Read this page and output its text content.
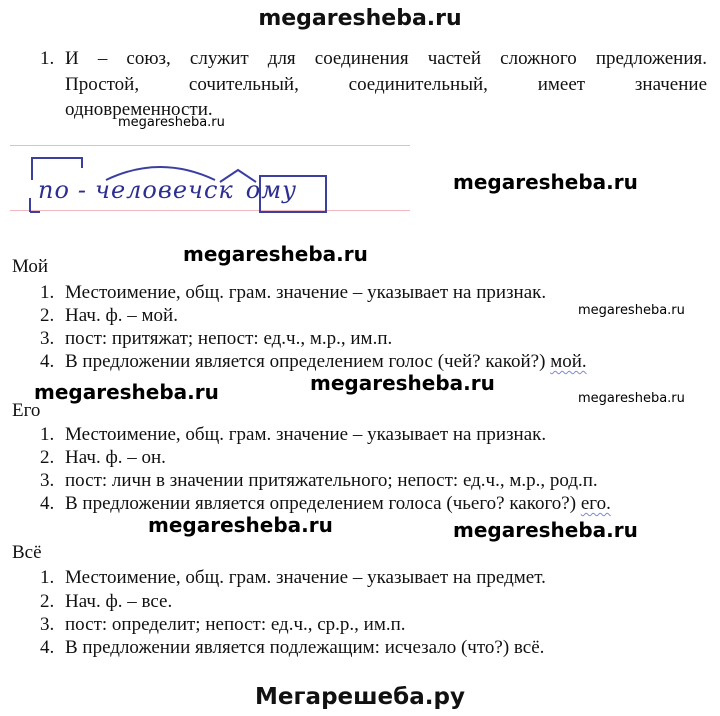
megaresheba.ru
1. И – союз, служит для соединения частей сложного предложения.
Простой, сочительный, соединительный, имеет значение
одновременности.
megaresheba.ru
по - человечск ому	megaresheba.ru
megaresheba.ru
Мой
1. Местоимение, общ. грам. значение – указывает на признак.
2. Нач. ф. – мой.	megaresheba.ru
3. пост: притяжат; непост: ед.ч., м.р., им.п.
4. В предложении является определением голос (чей? какой?) мой.
megaresheba.ru
megaresheba.ru	megaresheba.ru
Его
1. Местоимение, общ. грам. значение – указывает на признак.
2. Нач. ф. – он.
3. пост: личн в значении притяжательного; непост: ед.ч., м.р., род.п.
4. В предложении является определением голоса (чьего? какого?) его.
megaresheba.ru	megaresheba.ru
Всё
1. Местоимение, общ. грам. значение – указывает на предмет.
2. Нач. ф. – все.
3. пост: определит; непост: ед.ч., ср.р., им.п.
4. В предложении является подлежащим: исчезало (что?) всё.
Мегарешеба.ру
